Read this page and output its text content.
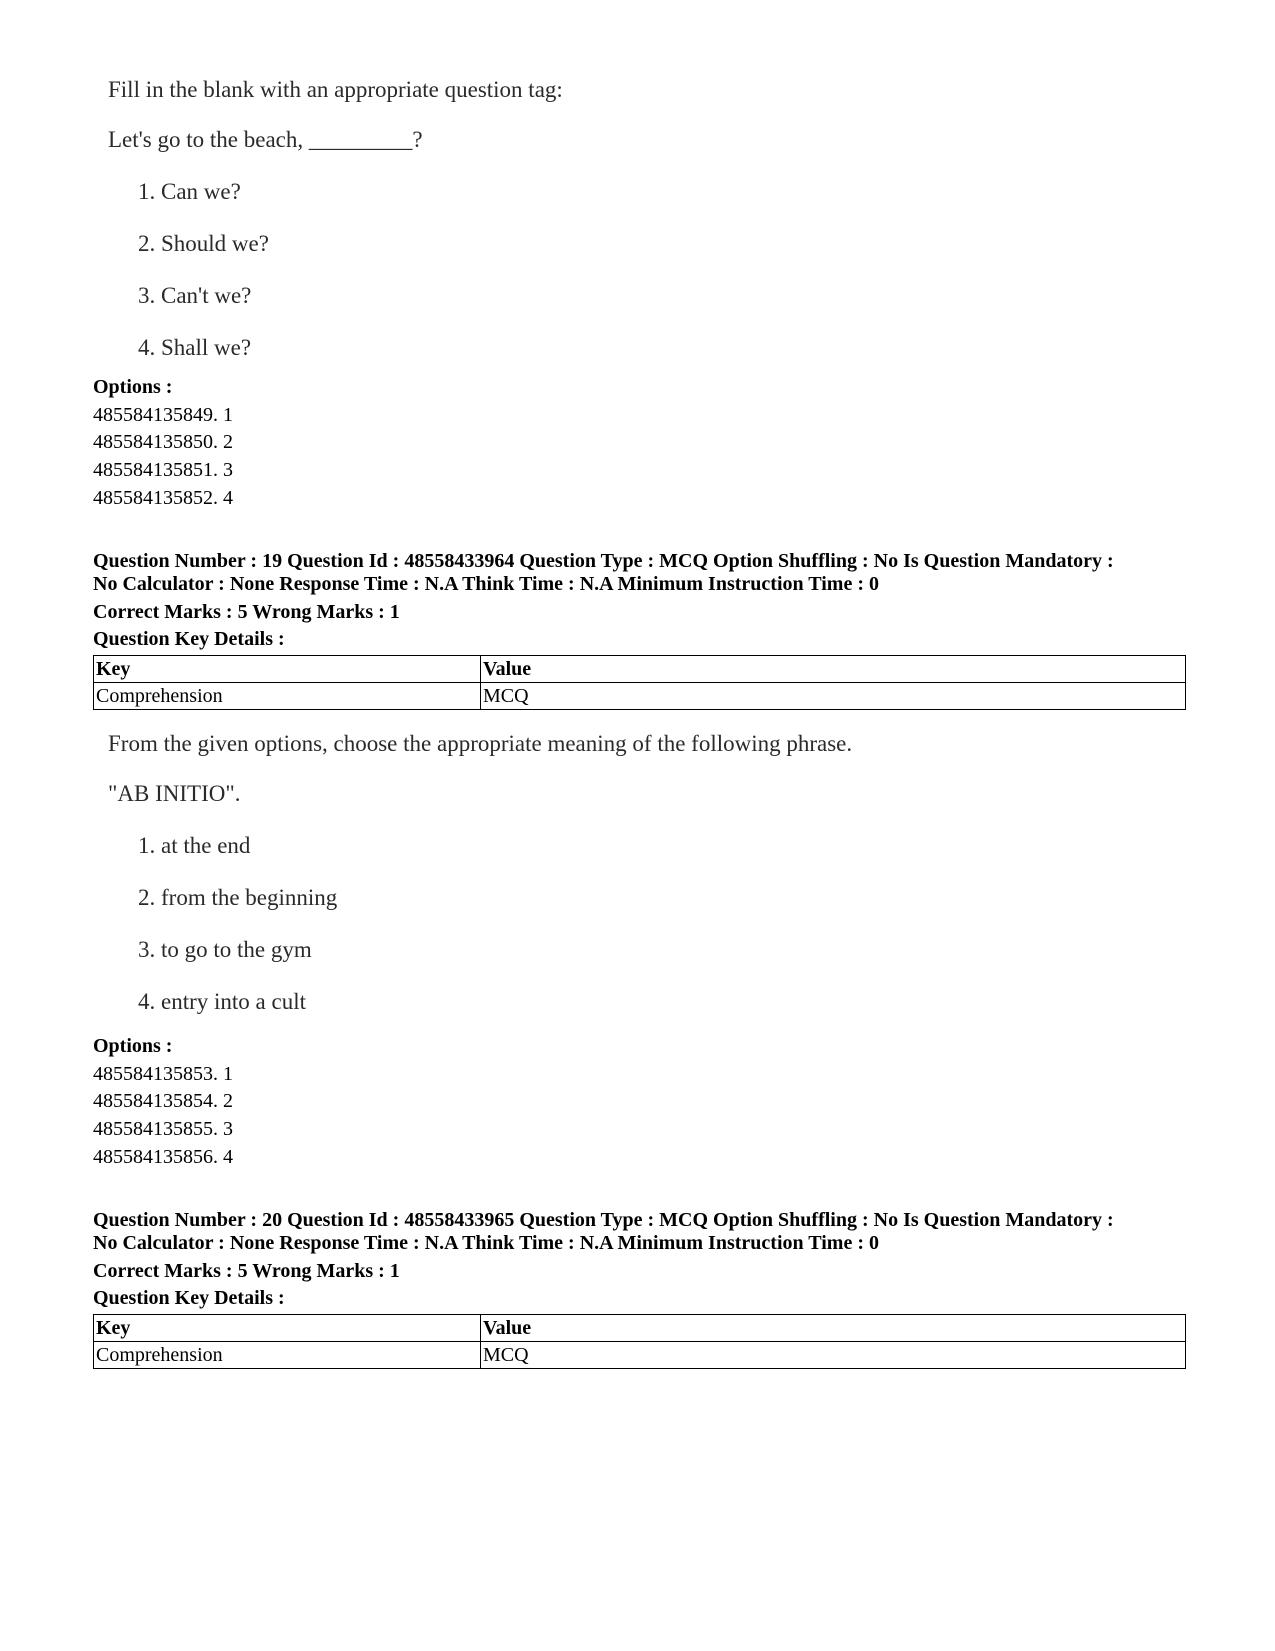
Fill in the blank with an appropriate question tag:
Let's go to the beach, _________?
1. Can we?
2. Should we?
3. Can't we?
4. Shall we?
Options :
485584135849. 1
485584135850. 2
485584135851. 3
485584135852. 4
Question Number : 19 Question Id : 48558433964 Question Type : MCQ Option Shuffling : No Is Question Mandatory :
No Calculator : None Response Time : N.A Think Time : N.A Minimum Instruction Time : 0
Correct Marks : 5 Wrong Marks : 1
Question Key Details :
Key	Value
Comprehension	MCQ
From the given options, choose the appropriate meaning of the following phrase.
"AB INITIO".
1. at the end
2. from the beginning
3. to go to the gym
4. entry into a cult
Options :
485584135853. 1
485584135854. 2
485584135855. 3
485584135856. 4
Question Number : 20 Question Id : 48558433965 Question Type : MCQ Option Shuffling : No Is Question Mandatory :
No Calculator : None Response Time : N.A Think Time : N.A Minimum Instruction Time : 0
Correct Marks : 5 Wrong Marks : 1
Question Key Details :
Key	Value
Comprehension	MCQ
